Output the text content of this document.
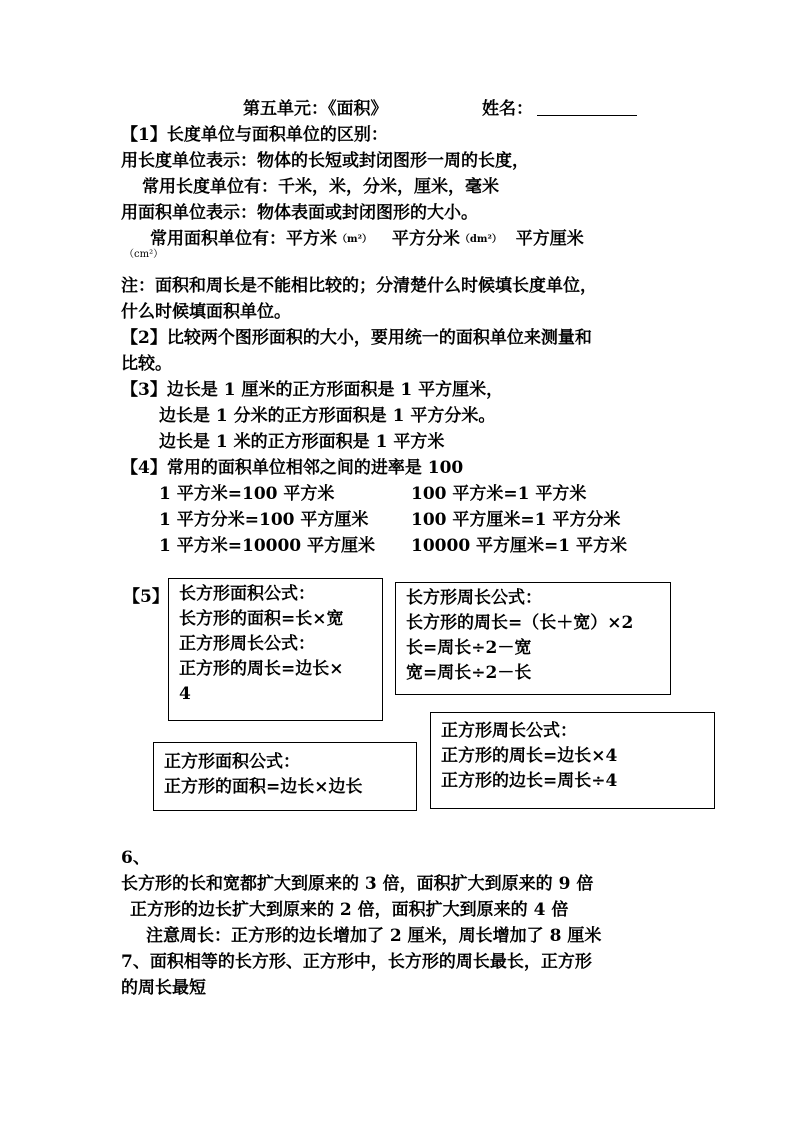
第五单元：《面积》	姓名：
【1】长度单位与面积单位的区别：
用长度单位表示：物体的长短或封闭图形一周的长度，
常用长度单位有：千米，米，分米，厘米，毫米
用面积单位表示：物体表面或封闭图形的大小。
常用面积单位有：平方米（m²） 平方分米（dm²） 平方厘米
（cm²）
注：面积和周长是不能相比较的；分清楚什么时候填长度单位，
什么时候填面积单位。
【2】比较两个图形面积的大小，要用统一的面积单位来测量和
比较。
【3】边长是 1 厘米的正方形面积是 1 平方厘米，
边长是 1 分米的正方形面积是 1 平方分米。
边长是 1 米的正方形面积是 1 平方米
【4】常用的面积单位相邻之间的进率是 100
1 平方米=100 平方米
1 平方分米=100 平方厘米
1 平方米=10000 平方厘米
100 平方米=1 平方米
100 平方厘米=1 平方分米
10000 平方厘米=1 平方米
【5】 长方形面积公式：
长方形的面积=长×宽
正方形周长公式：
正方形的周长=边长×
4
长方形周长公式：
长方形的周长=（长＋宽）×2
长=周长÷2－宽
宽=周长÷2－长
正方形周长公式：
正方形的周长=边长×4
正方形的边长=周长÷4
正方形面积公式：
正方形的面积=边长×边长
6、
长方形的长和宽都扩大到原来的 3 倍，面积扩大到原来的 9 倍
正方形的边长扩大到原来的 2 倍，面积扩大到原来的 4 倍
注意周长：正方形的边长增加了 2 厘米，周长增加了 8 厘米
7、面积相等的长方形、正方形中，长方形的周长最长，正方形
的周长最短
